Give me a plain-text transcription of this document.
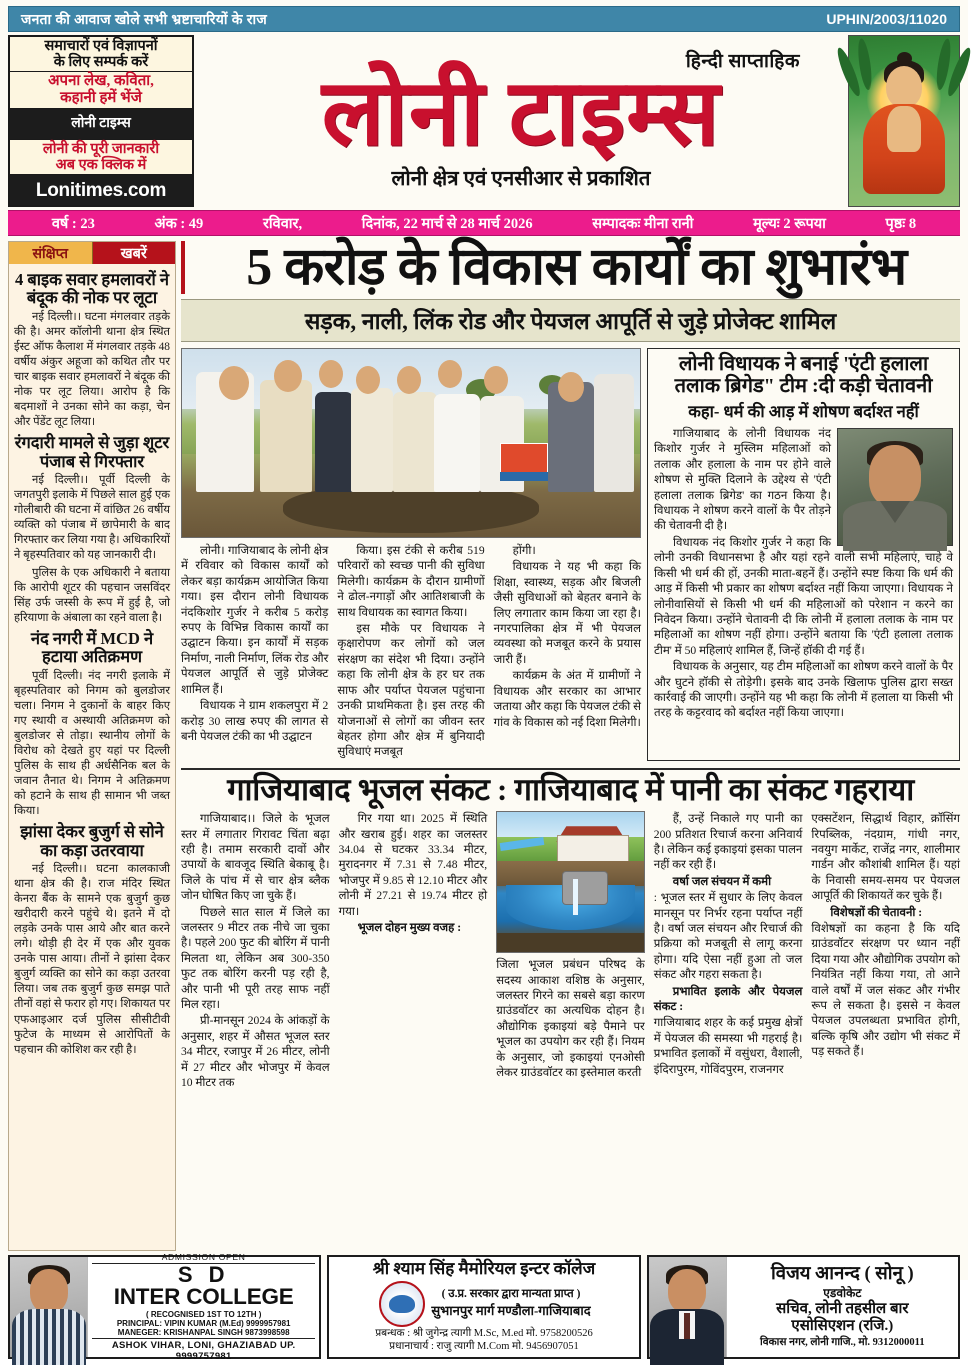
जनता की आवाज खोले सभी भ्रष्टाचारियों के राज	UPHIN/2003/11020
समाचारों एवं विज्ञापनों
के लिए सम्पर्क करें
अपना लेख, कविता,
कहानी हमें भेंजे
लोनी टाइम्स
लोनी की पूरी जानकारी
अब एक क्लिक में
Lonitimes.com
हिन्दी साप्ताहिक
लोनी टाइम्स
लोनी क्षेत्र एवं एनसीआर से प्रकाशित
वर्ष : 23	अंक : 49	रविवार,	दिनांक, 22 मार्च से 28 मार्च 2026	सम्पादकः मीना रानी	मूल्यः 2 रूपया	पृष्ठः 8
संक्षिप्त	खबरें
4 बाइक सवार हमलावरों ने बंदूक की नोक पर लूटा
नई दिल्ली।। घटना मंगलवार तड़के की है। अमर कॉलोनी थाना क्षेत्र स्थित ईस्ट ऑफ कैलाश में मंगलवार तड़के 48 वर्षीय अंकुर अहूजा को कथित तौर पर चार बाइक सवार हमलावरों ने बंदूक की नोक पर लूट लिया। आरोप है कि बदमाशों ने उनका सोने का कड़ा, चेन और पेंडेंट लूट लिया।
रंगदारी मामले से जुड़ा शूटर पंजाब से गिरफ्तार
नई दिल्ली।। पूर्वी दिल्ली के जगतपुरी इलाके में पिछले साल हुई एक गोलीबारी की घटना में वांछित 26 वर्षीय व्यक्ति को पंजाब में छापेमारी के बाद गिरफ्तार कर लिया गया है। अधिकारियों ने बृहस्पतिवार को यह जानकारी दी।
पुलिस के एक अधिकारी ने बताया कि आरोपी शूटर की पहचान जसविंदर सिंह उर्फ जस्सी के रूप में हुई है, जो हरियाणा के अंबाला का रहने वाला है।
नंद नगरी में MCD ने हटाया अतिक्रमण
पूर्वी दिल्ली। नंद नगरी इलाके में बृहस्पतिवार को निगम को बुलडोजर चला। निगम ने दुकानों के बाहर किए गए स्थायी व अस्थायी अतिक्रमण को बुलडोजर से तोड़ा। स्थानीय लोगों के विरोध को देखते हुए यहां पर दिल्ली पुलिस के साथ ही अर्धसैनिक बल के जवान तैनात थे। निगम ने अतिक्रमण को हटाने के साथ ही सामान भी जब्त किया।
झांसा देकर बुजुर्ग से सोने का कड़ा उतरवाया
नई दिल्ली।। घटना कालकाजी थाना क्षेत्र की है। राज मंदिर स्थित केनरा बैंक के सामने एक बुजुर्ग कुछ खरीदारी करने पहुंचे थे। इतने में दो लड़के उनके पास आये और बात करने लगे। थोड़ी ही देर में एक और युवक उनके पास आया। तीनों ने झांसा देकर बुजुर्ग व्यक्ति का सोने का कड़ा उतरवा लिया। जब तक बुजुर्ग कुछ समझ पाते तीनों वहां से फरार हो गए। शिकायत पर एफआइआर दर्ज पुलिस सीसीटीवी फुटेज के माध्यम से आरोपितों के पहचान की कोशिश कर रही है।
5 करोड़ के विकास कार्यों का शुभारंभ
सड़क, नाली, लिंक रोड और पेयजल आपूर्ति से जुड़े प्रोजेक्ट शामिल

लोनी। गाजियाबाद के लोनी क्षेत्र में रविवार को विकास कार्यों को लेकर बड़ा कार्यक्रम आयोजित किया गया। इस दौरान लोनी विधायक नंदकिशोर गुर्जर ने करीब 5 करोड़ रुपए के विभिन्न विकास कार्यों का उद्घाटन किया। इन कार्यों में सड़क निर्माण, नाली निर्माण, लिंक रोड और पेयजल आपूर्ति से जुड़े प्रोजेक्ट शामिल हैं।

विधायक ने ग्राम शकलपुरा में 2 करोड़ 30 लाख रुपए की लागत से बनी पेयजल टंकी का भी उद्घाटन

किया। इस टंकी से करीब 519 परिवारों को स्वच्छ पानी की सुविधा मिलेगी। कार्यक्रम के दौरान ग्रामीणों ने ढोल-नगाड़ों और आतिशबाजी के साथ विधायक का स्वागत किया।

इस मौके पर विधायक ने कृक्षारोपण कर लोगों को जल संरक्षण का संदेश भी दिया। उन्होंने कहा कि लोनी क्षेत्र के हर घर तक साफ और पर्याप्त पेयजल पहुंचाना उनकी प्राथमिकता है। इस तरह की योजनाओं से लोगों का जीवन स्तर बेहतर होगा और क्षेत्र में बुनियादी सुविधाएं मजबूत

होंगी।

विधायक ने यह भी कहा कि शिक्षा, स्वास्थ्य, सड़क और बिजली जैसी सुविधाओं को बेहतर बनाने के लिए लगातार काम किया जा रहा है। नगरपालिका क्षेत्र में भी पेयजल व्यवस्था को मजबूत करने के प्रयास जारी हैं।

कार्यक्रम के अंत में ग्रामीणों ने विधायक और सरकार का आभार जताया और कहा कि पेयजल टंकी से गांव के विकास को नई दिशा मिलेगी।

लोनी विधायक ने बनाई 'एंटी हलाला
तलाक ब्रिगेड" टीम :दी कड़ी चेतावनी
कहा- धर्म की आड़ में शोषण बर्दाश्त नहीं

गाजियाबाद के लोनी विधायक नंद किशोर गुर्जर ने मुस्लिम महिलाओं को तलाक और हलाला के नाम पर होने वाले शोषण से मुक्ति दिलाने के उद्देश्य से 'एंटी हलाला तलाक ब्रिगेड' का गठन किया है। विधायक ने शोषण करने वालों के पैर तोड़ने की चेतावनी दी है।

विधायक नंद किशोर गुर्जर ने कहा कि लोनी उनकी विधानसभा है और यहां रहने वाली सभी महिलाएं, चाहे वे किसी भी धर्म की हों, उनकी माता-बहनें हैं। उन्होंने स्पष्ट किया कि धर्म की आड़ में किसी भी प्रकार का शोषण बर्दाश्त नहीं किया जाएगा। विधायक ने लोनीवासियों से किसी भी धर्म की महिलाओं को परेशान न करने का निवेदन किया। उन्होंने चेतावनी दी कि लोनी में हलाला तलाक के नाम पर महिलाओं का शोषण नहीं होगा। उन्होंने बताया कि 'एंटी हलाला तलाक टीम' में 50 महिलाएं शामिल हैं, जिन्हें हॉकी दी गई हैं।

विधायक के अनुसार, यह टीम महिलाओं का शोषण करने वालों के पैर और घुटने हॉकी से तोड़ेगी। इसके बाद उनके खिलाफ पुलिस द्वारा सख्त कार्रवाई की जाएगी। उन्होंने यह भी कहा कि लोनी में हलाला या किसी भी तरह के कट्टरवाद को बर्दाश्त नहीं किया जाएगा।

गाजियाबाद भूजल संकट : गाजियाबाद में पानी का संकट गहराया

गाजियाबाद।। जिले के भूजल स्तर में लगातार गिरावट चिंता बढ़ा रही है। तमाम सरकारी दावों और उपायों के बावजूद स्थिति बेकाबू है। जिले के पांच में से चार क्षेत्र ब्लैक जोन घोषित किए जा चुके हैं।

पिछले सात साल में जिले का जलस्तर 9 मीटर तक नीचे जा चुका है। पहले 200 फुट की बोरिंग में पानी मिलता था, लेकिन अब 300-350 फुट तक बोरिंग करनी पड़ रही है, और पानी भी पूरी तरह साफ नहीं मिल रहा।

प्री-मानसून 2024 के आंकड़ों के अनुसार, शहर में औसत भूजल स्तर 34 मीटर, रजापुर में 26 मीटर, लोनी में 27 मीटर और भोजपुर में केवल 10 मीटर तक

गिर गया था। 2025 में स्थिति और खराब हुई। शहर का जलस्तर 34.04 से घटकर 33.34 मीटर, मुरादनगर में 7.31 से 7.48 मीटर, भोजपुर में 9.85 से 12.10 मीटर और लोनी में 27.21 से 19.74 मीटर हो गया।

भूजल दोहन मुख्य वजह :

जिला भूजल प्रबंधन परिषद के सदस्य आकाश वशिष्ठ के अनुसार, जलस्तर गिरने का सबसे बड़ा कारण ग्राउंडवॉटर का अत्यधिक दोहन है। औद्योगिक इकाइयां बड़े पैमाने पर भूजल का उपयोग कर रही हैं। नियम के अनुसार, जो इकाइयां एनओसी लेकर ग्राउंडवॉटर का इस्तेमाल करती

हैं, उन्हें निकाले गए पानी का 200 प्रतिशत रिचार्ज करना अनिवार्य है। लेकिन कई इकाइयां इसका पालन नहीं कर रही हैं।

वर्षा जल संचयन में कमी

: भूजल स्तर में सुधार के लिए केवल मानसून पर निर्भर रहना पर्याप्त नहीं है। वर्षा जल संचयन और रिचार्ज की प्रक्रिया को मजबूती से लागू करना होगा। यदि ऐसा नहीं हुआ तो जल संकट और गहरा सकता है।

प्रभावित इलाके और पेयजल संकट :

गाजियाबाद शहर के कई प्रमुख क्षेत्रों में पेयजल की समस्या भी गहराई है। प्रभावित इलाकों में वसुंधरा, वैशाली, इंदिरापुरम, गोविंदपुरम, राजनगर

एक्सटेंशन, सिद्धार्थ विहार, क्रॉसिंग रिपब्लिक, नंदग्राम, गांधी नगर, नवयुग मार्केट, राजेंद्र नगर, शालीमार गार्डन और कौशांबी शामिल हैं। यहां के निवासी समय-समय पर पेयजल आपूर्ति की शिकायतें कर चुके हैं।

विशेषज्ञों की चेतावनी :

विशेषज्ञों का कहना है कि यदि ग्राउंडवॉटर संरक्षण पर ध्यान नहीं दिया गया और औद्योगिक उपयोग को नियंत्रित नहीं किया गया, तो आने वाले वर्षों में जल संकट और गंभीर रूप ले सकता है। इससे न केवल पेयजल उपलब्धता प्रभावित होगी, बल्कि कृषि और उद्योग भी संकट में पड़ सकते हैं।

ADMISSION OPEN
S D
INTER COLLEGE
( RECOGNISED 1ST TO 12TH )
PRINCIPAL: VIPIN KUMAR (M.Ed) 9999957981
MANEGER: KRISHANPAL SINGH 9873998598
ASHOK VIHAR, LONI, GHAZIABAD UP. 9999757981
श्री श्याम सिंह मैमोरियल इन्टर कॉलेज
( उ.प्र. सरकार द्वारा मान्यता प्राप्त )
सुभानपुर मार्ग मण्डौला-गाजियाबाद
प्रबन्धक : श्री जुगेन्द्र त्यागी M.Sc, M.ed मो. 9758200526
प्रधानाचार्य : राजु त्यागी M.Com मो. 9456907051
विजय आनन्द ( सोनू )
एडवोकेट
सचिव, लोनी तहसील बार
एसोसिएशन (रजि.)
विकास नगर, लोनी गाजि., मो. 9312000011
